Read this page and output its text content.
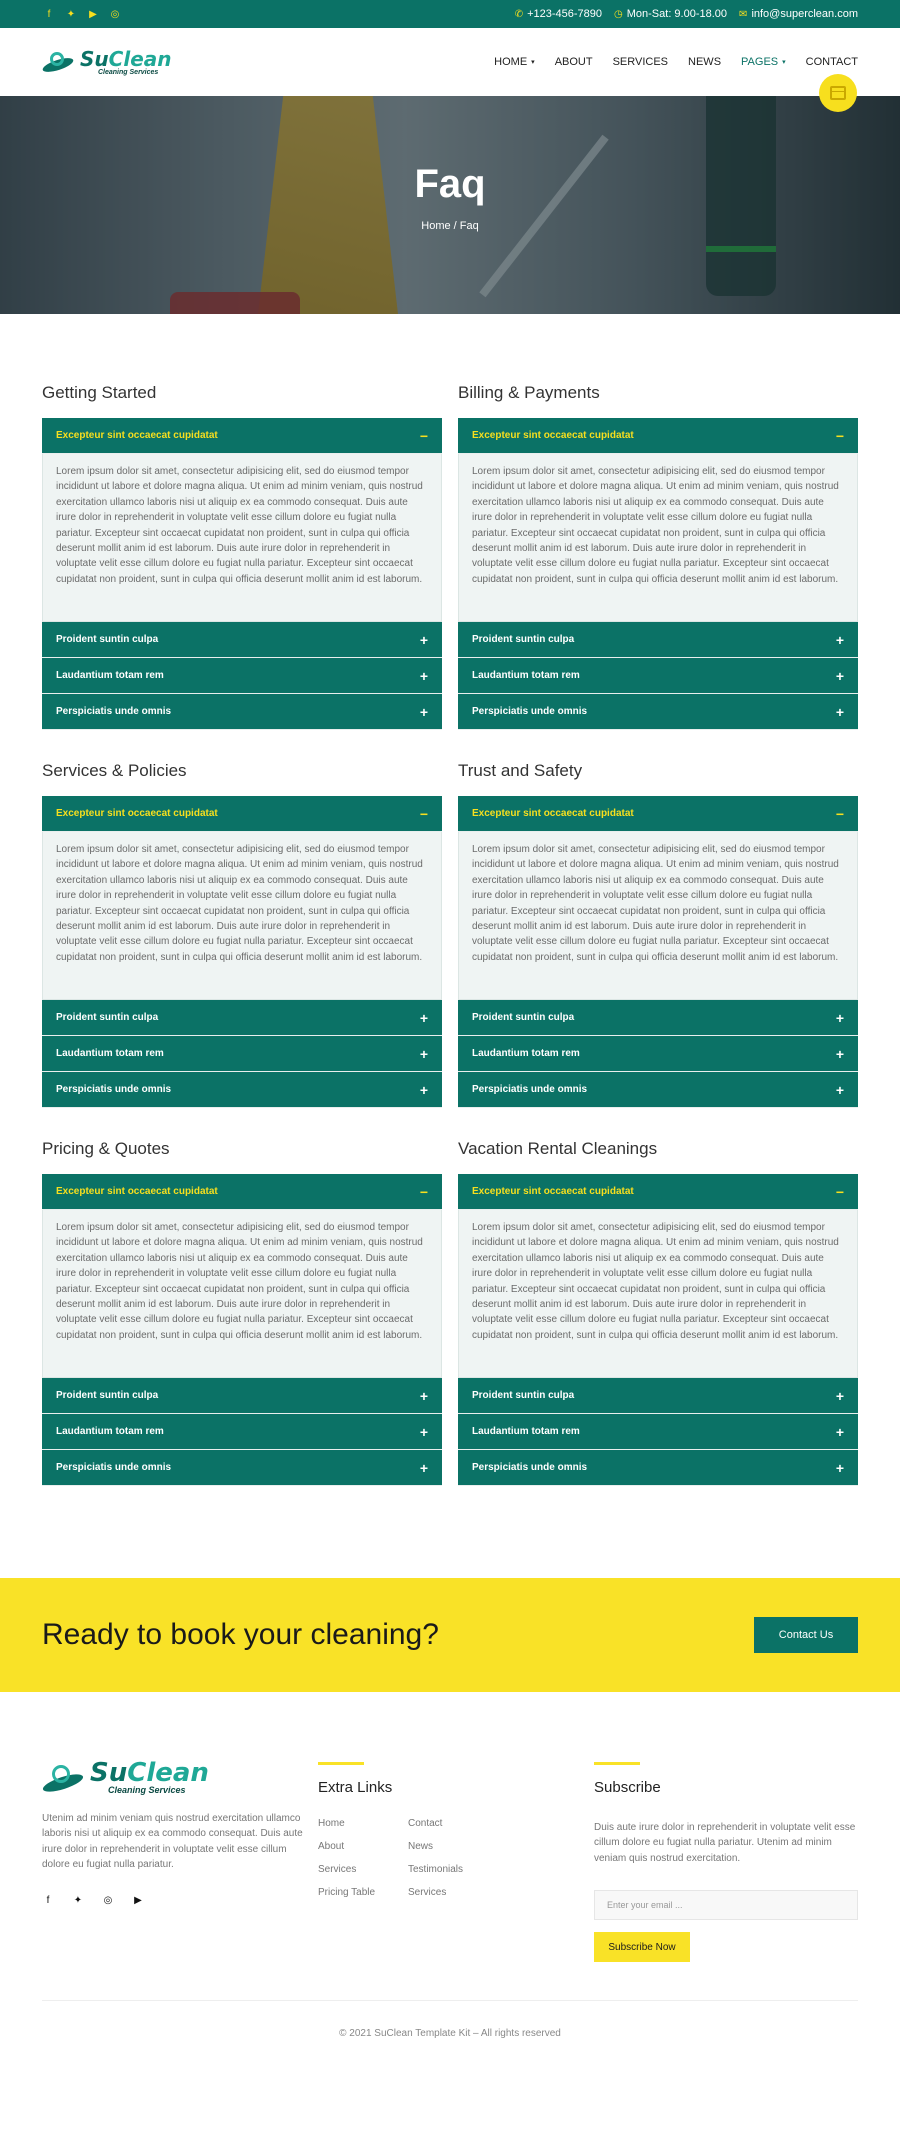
f	✦	▶	◎	✆ +123-456-7890 ◷ Mon-Sat: 9.00-18.00 ✉ info@superclean.com
SuClean
Cleaning Services
HOME ▾ ABOUT SERVICES NEWS PAGES ▾ CONTACT
Faq
Home / Faq
Getting Started
Excepteur sint occaecat cupidatat	−
Lorem ipsum dolor sit amet, consectetur adipisicing elit, sed do eiusmod tempor incididunt ut labore et dolore magna aliqua. Ut enim ad minim veniam, quis nostrud exercitation ullamco laboris nisi ut aliquip ex ea commodo consequat. Duis aute irure dolor in reprehenderit in voluptate velit esse cillum dolore eu fugiat nulla pariatur. Excepteur sint occaecat cupidatat non proident, sunt in culpa qui officia deserunt mollit anim id est laborum. Duis aute irure dolor in reprehenderit in voluptate velit esse cillum dolore eu fugiat nulla pariatur. Excepteur sint occaecat cupidatat non proident, sunt in culpa qui officia deserunt mollit anim id est laborum.
Proident suntin culpa	+
Laudantium totam rem	+
Perspiciatis unde omnis	+
Billing & Payments
Excepteur sint occaecat cupidatat	−
Lorem ipsum dolor sit amet, consectetur adipisicing elit, sed do eiusmod tempor incididunt ut labore et dolore magna aliqua. Ut enim ad minim veniam, quis nostrud exercitation ullamco laboris nisi ut aliquip ex ea commodo consequat. Duis aute irure dolor in reprehenderit in voluptate velit esse cillum dolore eu fugiat nulla pariatur. Excepteur sint occaecat cupidatat non proident, sunt in culpa qui officia deserunt mollit anim id est laborum. Duis aute irure dolor in reprehenderit in voluptate velit esse cillum dolore eu fugiat nulla pariatur. Excepteur sint occaecat cupidatat non proident, sunt in culpa qui officia deserunt mollit anim id est laborum.
Proident suntin culpa	+
Laudantium totam rem	+
Perspiciatis unde omnis	+
Services & Policies
Excepteur sint occaecat cupidatat	−
Lorem ipsum dolor sit amet, consectetur adipisicing elit, sed do eiusmod tempor incididunt ut labore et dolore magna aliqua. Ut enim ad minim veniam, quis nostrud exercitation ullamco laboris nisi ut aliquip ex ea commodo consequat. Duis aute irure dolor in reprehenderit in voluptate velit esse cillum dolore eu fugiat nulla pariatur. Excepteur sint occaecat cupidatat non proident, sunt in culpa qui officia deserunt mollit anim id est laborum. Duis aute irure dolor in reprehenderit in voluptate velit esse cillum dolore eu fugiat nulla pariatur. Excepteur sint occaecat cupidatat non proident, sunt in culpa qui officia deserunt mollit anim id est laborum.
Proident suntin culpa	+
Laudantium totam rem	+
Perspiciatis unde omnis	+
Trust and Safety
Excepteur sint occaecat cupidatat	−
Lorem ipsum dolor sit amet, consectetur adipisicing elit, sed do eiusmod tempor incididunt ut labore et dolore magna aliqua. Ut enim ad minim veniam, quis nostrud exercitation ullamco laboris nisi ut aliquip ex ea commodo consequat. Duis aute irure dolor in reprehenderit in voluptate velit esse cillum dolore eu fugiat nulla pariatur. Excepteur sint occaecat cupidatat non proident, sunt in culpa qui officia deserunt mollit anim id est laborum. Duis aute irure dolor in reprehenderit in voluptate velit esse cillum dolore eu fugiat nulla pariatur. Excepteur sint occaecat cupidatat non proident, sunt in culpa qui officia deserunt mollit anim id est laborum.
Proident suntin culpa	+
Laudantium totam rem	+
Perspiciatis unde omnis	+
Pricing & Quotes
Excepteur sint occaecat cupidatat	−
Lorem ipsum dolor sit amet, consectetur adipisicing elit, sed do eiusmod tempor incididunt ut labore et dolore magna aliqua. Ut enim ad minim veniam, quis nostrud exercitation ullamco laboris nisi ut aliquip ex ea commodo consequat. Duis aute irure dolor in reprehenderit in voluptate velit esse cillum dolore eu fugiat nulla pariatur. Excepteur sint occaecat cupidatat non proident, sunt in culpa qui officia deserunt mollit anim id est laborum. Duis aute irure dolor in reprehenderit in voluptate velit esse cillum dolore eu fugiat nulla pariatur. Excepteur sint occaecat cupidatat non proident, sunt in culpa qui officia deserunt mollit anim id est laborum.
Proident suntin culpa	+
Laudantium totam rem	+
Perspiciatis unde omnis	+
Vacation Rental Cleanings
Excepteur sint occaecat cupidatat	−
Lorem ipsum dolor sit amet, consectetur adipisicing elit, sed do eiusmod tempor incididunt ut labore et dolore magna aliqua. Ut enim ad minim veniam, quis nostrud exercitation ullamco laboris nisi ut aliquip ex ea commodo consequat. Duis aute irure dolor in reprehenderit in voluptate velit esse cillum dolore eu fugiat nulla pariatur. Excepteur sint occaecat cupidatat non proident, sunt in culpa qui officia deserunt mollit anim id est laborum. Duis aute irure dolor in reprehenderit in voluptate velit esse cillum dolore eu fugiat nulla pariatur. Excepteur sint occaecat cupidatat non proident, sunt in culpa qui officia deserunt mollit anim id est laborum.
Proident suntin culpa	+
Laudantium totam rem	+
Perspiciatis unde omnis	+
Ready to book your cleaning?	Contact Us
SuClean
Cleaning Services

Utenim ad minim veniam quis nostrud exercitation ullamco laboris nisi ut aliquip ex ea commodo consequat. Duis aute irure dolor in reprehenderit in voluptate velit esse cillum dolore eu fugiat nulla pariatur.

f	✦ ◎ ▶
Extra Links
Home	Contact
About	News
Services	Testimonials
Pricing Table	Services
Subscribe

Duis aute irure dolor in reprehenderit in voluptate velit esse cillum dolore eu fugiat nulla pariatur. Utenim ad minim veniam quis nostrud exercitation.

Enter your email ...
Subscribe Now
© 2021 SuClean Template Kit – All rights reserved
